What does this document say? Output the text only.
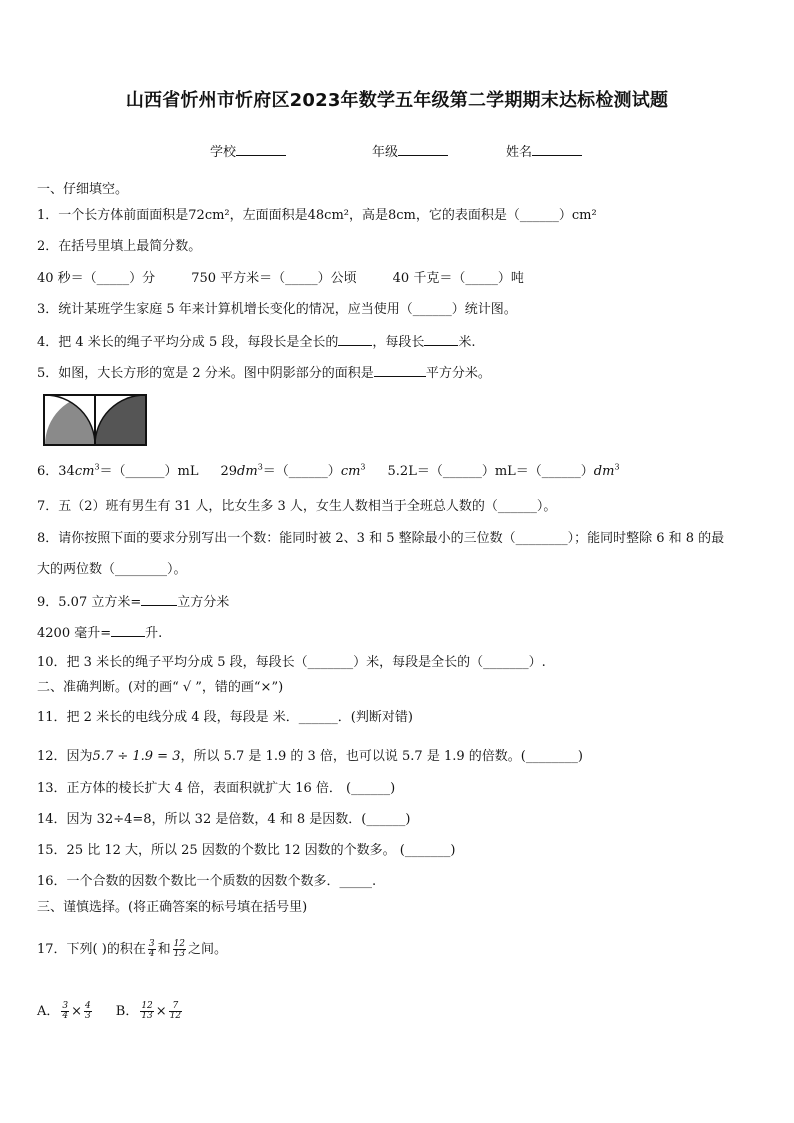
山西省忻州市忻府区2023年数学五年级第二学期期末达标检测试题
学校	年级	姓名
一、仔细填空。
1．一个长方体前面面积是72cm²，左面面积是48cm²，高是8cm，它的表面积是（______）cm²
2．在括号里填上最简分数。
40 秒＝（_____）分	750 平方米＝（_____）公顷	40 千克＝（_____）吨
3．统计某班学生家庭 5 年来计算机增长变化的情况，应当使用（______）统计图。
4．把 4 米长的绳子平均分成 5 段，每段长是全长的	，每段长	米.
5．如图，大长方形的宽是 2 分米。图中阴影部分的面积是	平方分米。
6．$34cm^3=(\_\_\_\_\_\_)mL$ $29dm^3=(\_\_\_\_\_\_)cm^3$ $5.2L=(\_\_\_\_\_\_)mL=(\_\_\_\_\_\_)dm^3$
7．五（2）班有男生有 31 人，比女生多 3 人，女生人数相当于全班总人数的（______）。
8．请你按照下面的要求分别写出一个数：能同时被 2、3 和 5 整除最小的三位数（________）；能同时整除 6 和 8 的最
大的两位数（________）。
9．5.07 立方米=	立方分米
4200 毫升=	升.
10．把 3 米长的绳子平均分成 5 段，每段长（_______）米，每段是全长的（_______）.
二、准确判断。(对的画“ √ ”，错的画“×”)
11．把 2 米长的电线分成 4 段，每段是 米．______．(判断对错)
12．因为5.7 ÷ 1.9 = 3，所以 5.7 是 1.9 的 3 倍，也可以说 5.7 是 1.9 的倍数。(________)
13．正方体的棱长扩大 4 倍，表面积就扩大 16 倍． (______)
14．因为 32÷4=8，所以 32 是倍数，4 和 8 是因数．(______)
15．25 比 12 大，所以 25 因数的个数比 12 因数的个数多。 (_______)
16．一个合数的因数个数比一个质数的因数个数多．_____.
三、谨慎选择。(将正确答案的标号填在括号里)
17．下列( )的积在 $\frac{3}{4}$ 和 $\frac{12}{13}$ 之间。
A． $\frac{3}{4} \times \frac{4}{3}$ B． $\frac{12}{13} \times \frac{7}{12}$
